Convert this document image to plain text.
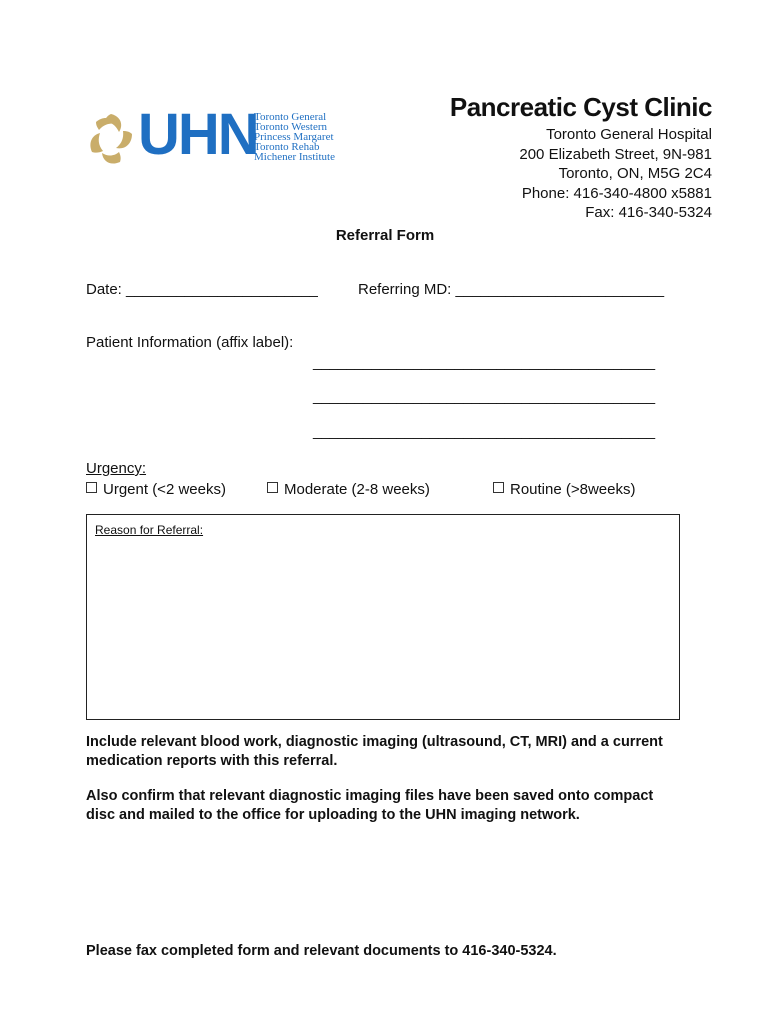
UHN
Toronto General
Toronto Western
Princess Margaret
Toronto Rehab
Michener Institute
Pancreatic Cyst Clinic
Toronto General Hospital
200 Elizabeth Street, 9N-981
Toronto, ON, M5G 2C4
Phone: 416-340-4800 x5881
Fax: 416-340-5324
Referral Form
Date: _______________________	Referring MD: _________________________
Patient Information (affix label):
_________________________________________
_________________________________________
_________________________________________
Urgency:
Urgent (<2 weeks)	Moderate (2-8 weeks)	Routine (>8weeks)
Reason for Referral:
Include relevant blood work, diagnostic imaging (ultrasound, CT, MRI) and a current medication reports with this referral.
Also confirm that relevant diagnostic imaging files have been saved onto compact disc and mailed to the office for uploading to the UHN imaging network.
Please fax completed form and relevant documents to 416-340-5324.
